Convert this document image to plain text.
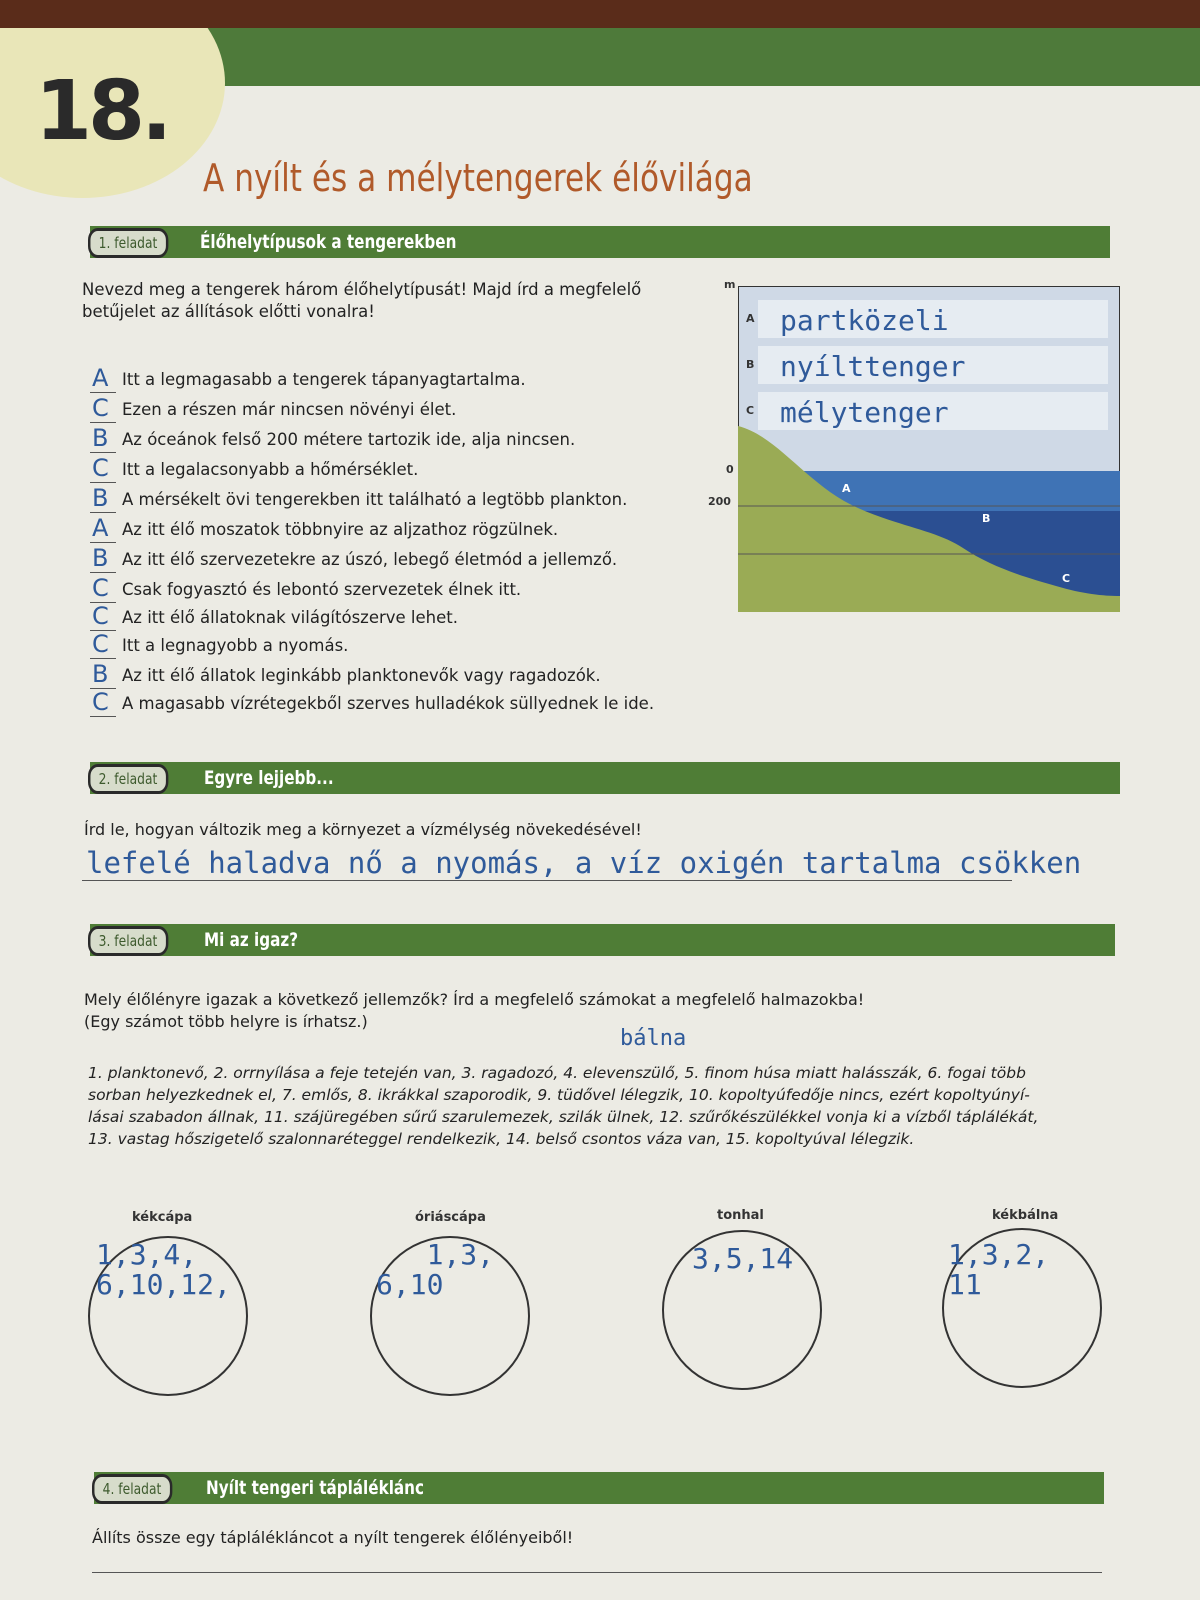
18.
A nyílt és a mélytengerek élővilága
1. feladat	Élőhelytípusok a tengerekben
Nevezd meg a tengerek három élőhelytípusát! Majd írd a megfelelő
betűjelet az állítások előtti vonalra!
A Itt a legmagasabb a tengerek tápanyagtartalma.
C Ezen a részen már nincsen növényi élet.
B Az óceánok felső 200 métere tartozik ide, alja nincsen.
C Itt a legalacsonyabb a hőmérséklet.
B A mérsékelt övi tengerekben itt található a legtöbb plankton.
A Az itt élő moszatok többnyire az aljzathoz rögzülnek.
B Az itt élő szervezetekre az úszó, lebegő életmód a jellemző.
C Csak fogyasztó és lebontó szervezetek élnek itt.
C Az itt élő állatoknak világítószerve lehet.
C Itt a legnagyobb a nyomás.
B Az itt élő állatok leginkább planktonevők vagy ragadozók.
C A magasabb vízrétegekből szerves hulladékok süllyednek le ide.
A
B
C
partközeli
nyílttenger
mélytenger
A
B
C
m
0
200
2. feladat	Egyre lejjebb...
Írd le, hogyan változik meg a környezet a vízmélység növekedésével!
lefelé haladva nő a nyomás, a víz oxigén tartalma csökken
3. feladat	Mi az igaz?
Mely élőlényre igazak a következő jellemzők? Írd a megfelelő számokat a megfelelő halmazokba!
(Egy számot több helyre is írhatsz.)
bálna
1. planktonevő, 2. orrnyílása a feje tetején van, 3. ragadozó, 4. elevenszülő, 5. finom húsa miatt halásszák, 6. fogai több
sorban helyezkednek el, 7. emlős, 8. ikrákkal szaporodik, 9. tüdővel lélegzik, 10. kopoltyúfedője nincs, ezért kopoltyúnyí-
lásai szabadon állnak, 11. szájüregében sűrű szarulemezek, szilák ülnek, 12. szűrőkészülékkel vonja ki a vízből táplálékát,
13. vastag hőszigetelő szalonnaréteggel rendelkezik, 14. belső csontos váza van, 15. kopoltyúval lélegzik.
kékcápa
1,3,4,
6,10,12,
óriáscápa
1,3,
6,10
tonhal
3,5,14
kékbálna
1,3,2,
11
4. feladat	Nyílt tengeri tápláléklánc
Állíts össze egy táplálékláncot a nyílt tengerek élőlényeiből!
